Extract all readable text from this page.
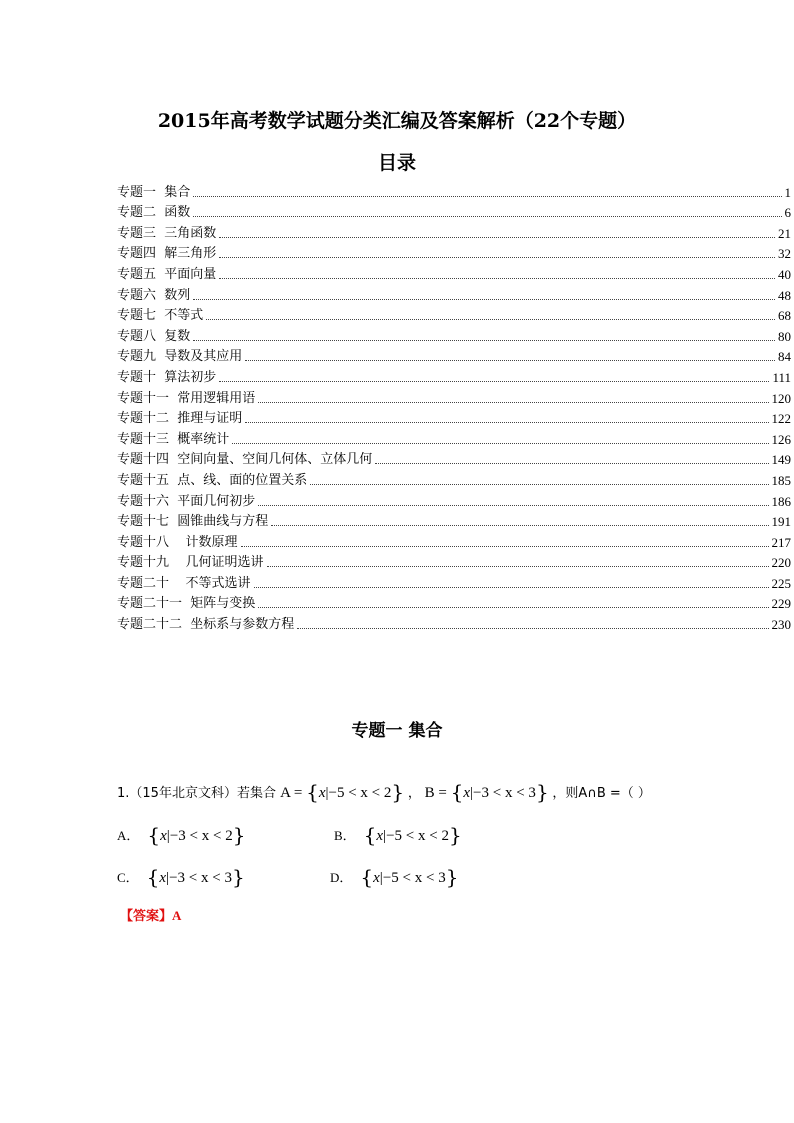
2015年高考数学试题分类汇编及答案解析（22个专题）
目录
专题一  集合	1
专题二  函数	6
专题三  三角函数	21
专题四  解三角形	32
专题五  平面向量	40
专题六  数列	48
专题七  不等式	68
专题八  复数	80
专题九  导数及其应用	84
专题十  算法初步	111
专题十一  常用逻辑用语	120
专题十二  推理与证明	122
专题十三  概率统计	126
专题十四  空间向量、空间几何体、立体几何	149
专题十五  点、线、面的位置关系	185
专题十六  平面几何初步	186
专题十七  圆锥曲线与方程	191
专题十八    计数原理	217
专题十九    几何证明选讲	220
专题二十    不等式选讲	225
专题二十一  矩阵与变换	229
专题二十二  坐标系与参数方程	230
专题一 集合
1.（15年北京文科）若集合 A = {x|−5 < x < 2} ， B = {x|−3 < x < 3} ，则A∩B =（ ）
A． {x|−3 < x < 2}	B． {x|−5 < x < 2}
C． {x|−3 < x < 3}	D． {x|−5 < x < 3}
【答案】A
